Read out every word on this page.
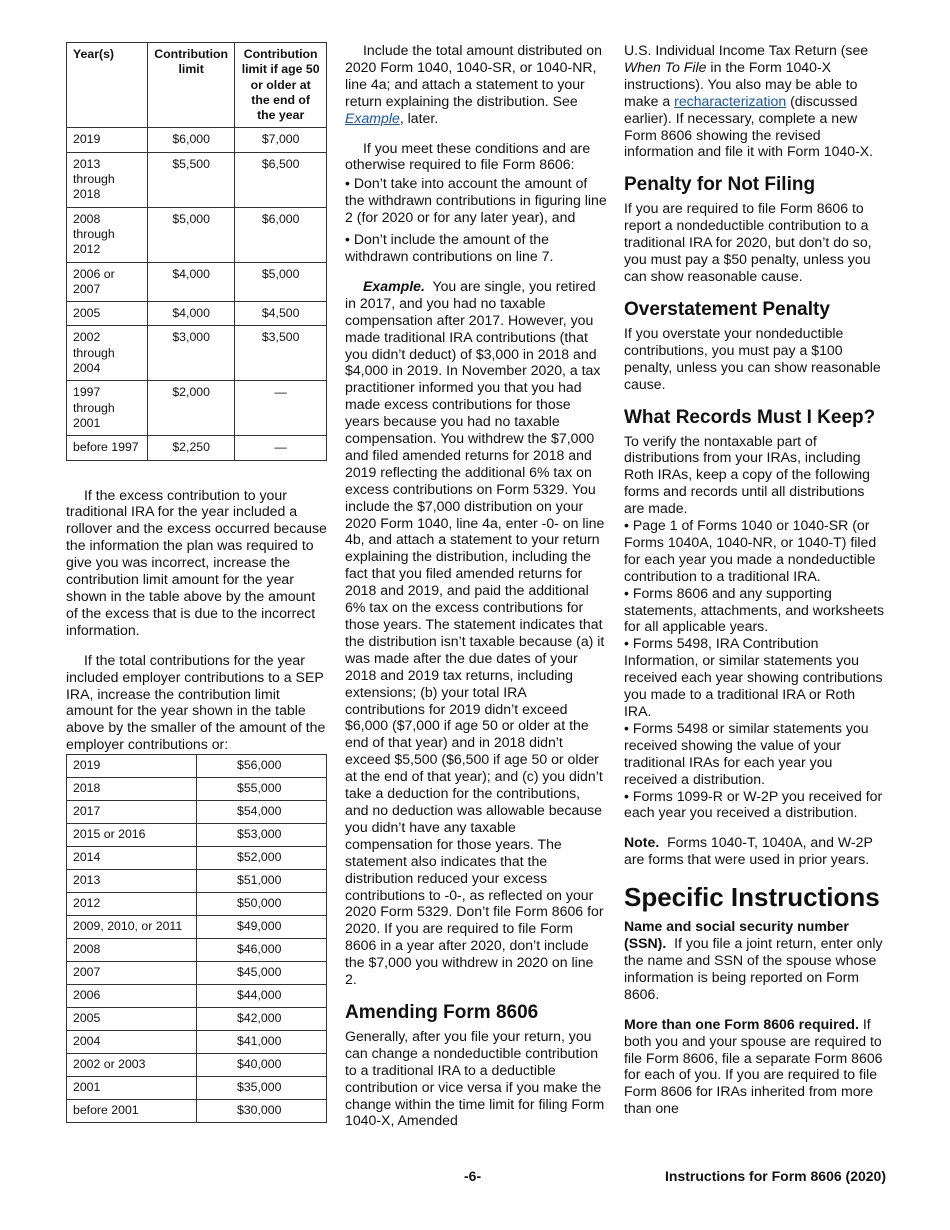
Year(s)	Contribution limit	Contribution limit if age 50 or older at the end of the year
2019	$6,000	$7,000
2013 through 2018	$5,500	$6,500
2008 through 2012	$5,000	$6,000
2006 or 2007	$4,000	$5,000
2005	$4,000	$4,500
2002 through 2004	$3,000	$3,500
1997 through 2001	$2,000	—
before 1997	$2,250	—

If the excess contribution to your traditional IRA for the year included a rollover and the excess occurred because the information the plan was required to give you was incorrect, increase the contribution limit amount for the year shown in the table above by the amount of the excess that is due to the incorrect information.

If the total contributions for the year included employer contributions to a SEP IRA, increase the contribution limit amount for the year shown in the table above by the smaller of the amount of the employer contributions or:

2019	$56,000
2018	$55,000
2017	$54,000
2015 or 2016	$53,000
2014	$52,000
2013	$51,000
2012	$50,000
2009, 2010, or 2011	$49,000
2008	$46,000
2007	$45,000
2006	$44,000
2005	$42,000
2004	$41,000
2002 or 2003	$40,000
2001	$35,000
before 2001	$30,000

Include the total amount distributed on 2020 Form 1040, 1040-SR, or 1040-NR, line 4a; and attach a statement to your return explaining the distribution. See Example, later.

If you meet these conditions and are otherwise required to file Form 8606:

• Don’t take into account the amount of the withdrawn contributions in figuring line 2 (for 2020 or for any later year), and

• Don’t include the amount of the withdrawn contributions on line 7.

Example. You are single, you retired in 2017, and you had no taxable compensation after 2017. However, you made traditional IRA contributions (that you didn’t deduct) of $3,000 in 2018 and $4,000 in 2019. In November 2020, a tax practitioner informed you that you had made excess contributions for those years because you had no taxable compensation. You withdrew the $7,000 and filed amended returns for 2018 and 2019 reflecting the additional 6% tax on excess contributions on Form 5329. You include the $7,000 distribution on your 2020 Form 1040, line 4a, enter -0- on line 4b, and attach a statement to your return explaining the distribution, including the fact that you filed amended returns for 2018 and 2019, and paid the additional 6% tax on the excess contributions for those years. The statement indicates that the distribution isn’t taxable because (a) it was made after the due dates of your 2018 and 2019 tax returns, including extensions; (b) your total IRA contributions for 2019 didn’t exceed $6,000 ($7,000 if age 50 or older at the end of that year) and in 2018 didn’t exceed $5,500 ($6,500 if age 50 or older at the end of that year); and (c) you didn’t take a deduction for the contributions, and no deduction was allowable because you didn’t have any taxable compensation for those years. The statement also indicates that the distribution reduced your excess contributions to -0-, as reflected on your 2020 Form 5329. Don’t file Form 8606 for 2020. If you are required to file Form 8606 in a year after 2020, don’t include the $7,000 you withdrew in 2020 on line 2.

Amending Form 8606

Generally, after you file your return, you can change a nondeductible contribution to a traditional IRA to a deductible contribution or vice versa if you make the change within the time limit for filing Form 1040-X, Amended

U.S. Individual Income Tax Return (see When To File in the Form 1040-X instructions). You also may be able to make a recharacterization (discussed earlier). If necessary, complete a new Form 8606 showing the revised information and file it with Form 1040-X.

Penalty for Not Filing

If you are required to file Form 8606 to report a nondeductible contribution to a traditional IRA for 2020, but don’t do so, you must pay a $50 penalty, unless you can show reasonable cause.

Overstatement Penalty

If you overstate your nondeductible contributions, you must pay a $100 penalty, unless you can show reasonable cause.

What Records Must I Keep?

To verify the nontaxable part of distributions from your IRAs, including Roth IRAs, keep a copy of the following forms and records until all distributions are made.

• Page 1 of Forms 1040 or 1040-SR (or Forms 1040A, 1040-NR, or 1040-T) filed for each year you made a nondeductible contribution to a traditional IRA.

• Forms 8606 and any supporting statements, attachments, and worksheets for all applicable years.

• Forms 5498, IRA Contribution Information, or similar statements you received each year showing contributions you made to a traditional IRA or Roth IRA.

• Forms 5498 or similar statements you received showing the value of your traditional IRAs for each year you received a distribution.

• Forms 1099-R or W-2P you received for each year you received a distribution.

Note. Forms 1040-T, 1040A, and W-2P are forms that were used in prior years.

Specific Instructions

Name and social security number (SSN). If you file a joint return, enter only the name and SSN of the spouse whose information is being reported on Form 8606.

More than one Form 8606 required. If both you and your spouse are required to file Form 8606, file a separate Form 8606 for each of you. If you are required to file Form 8606 for IRAs inherited from more than one

-6-	Instructions for Form 8606 (2020)
